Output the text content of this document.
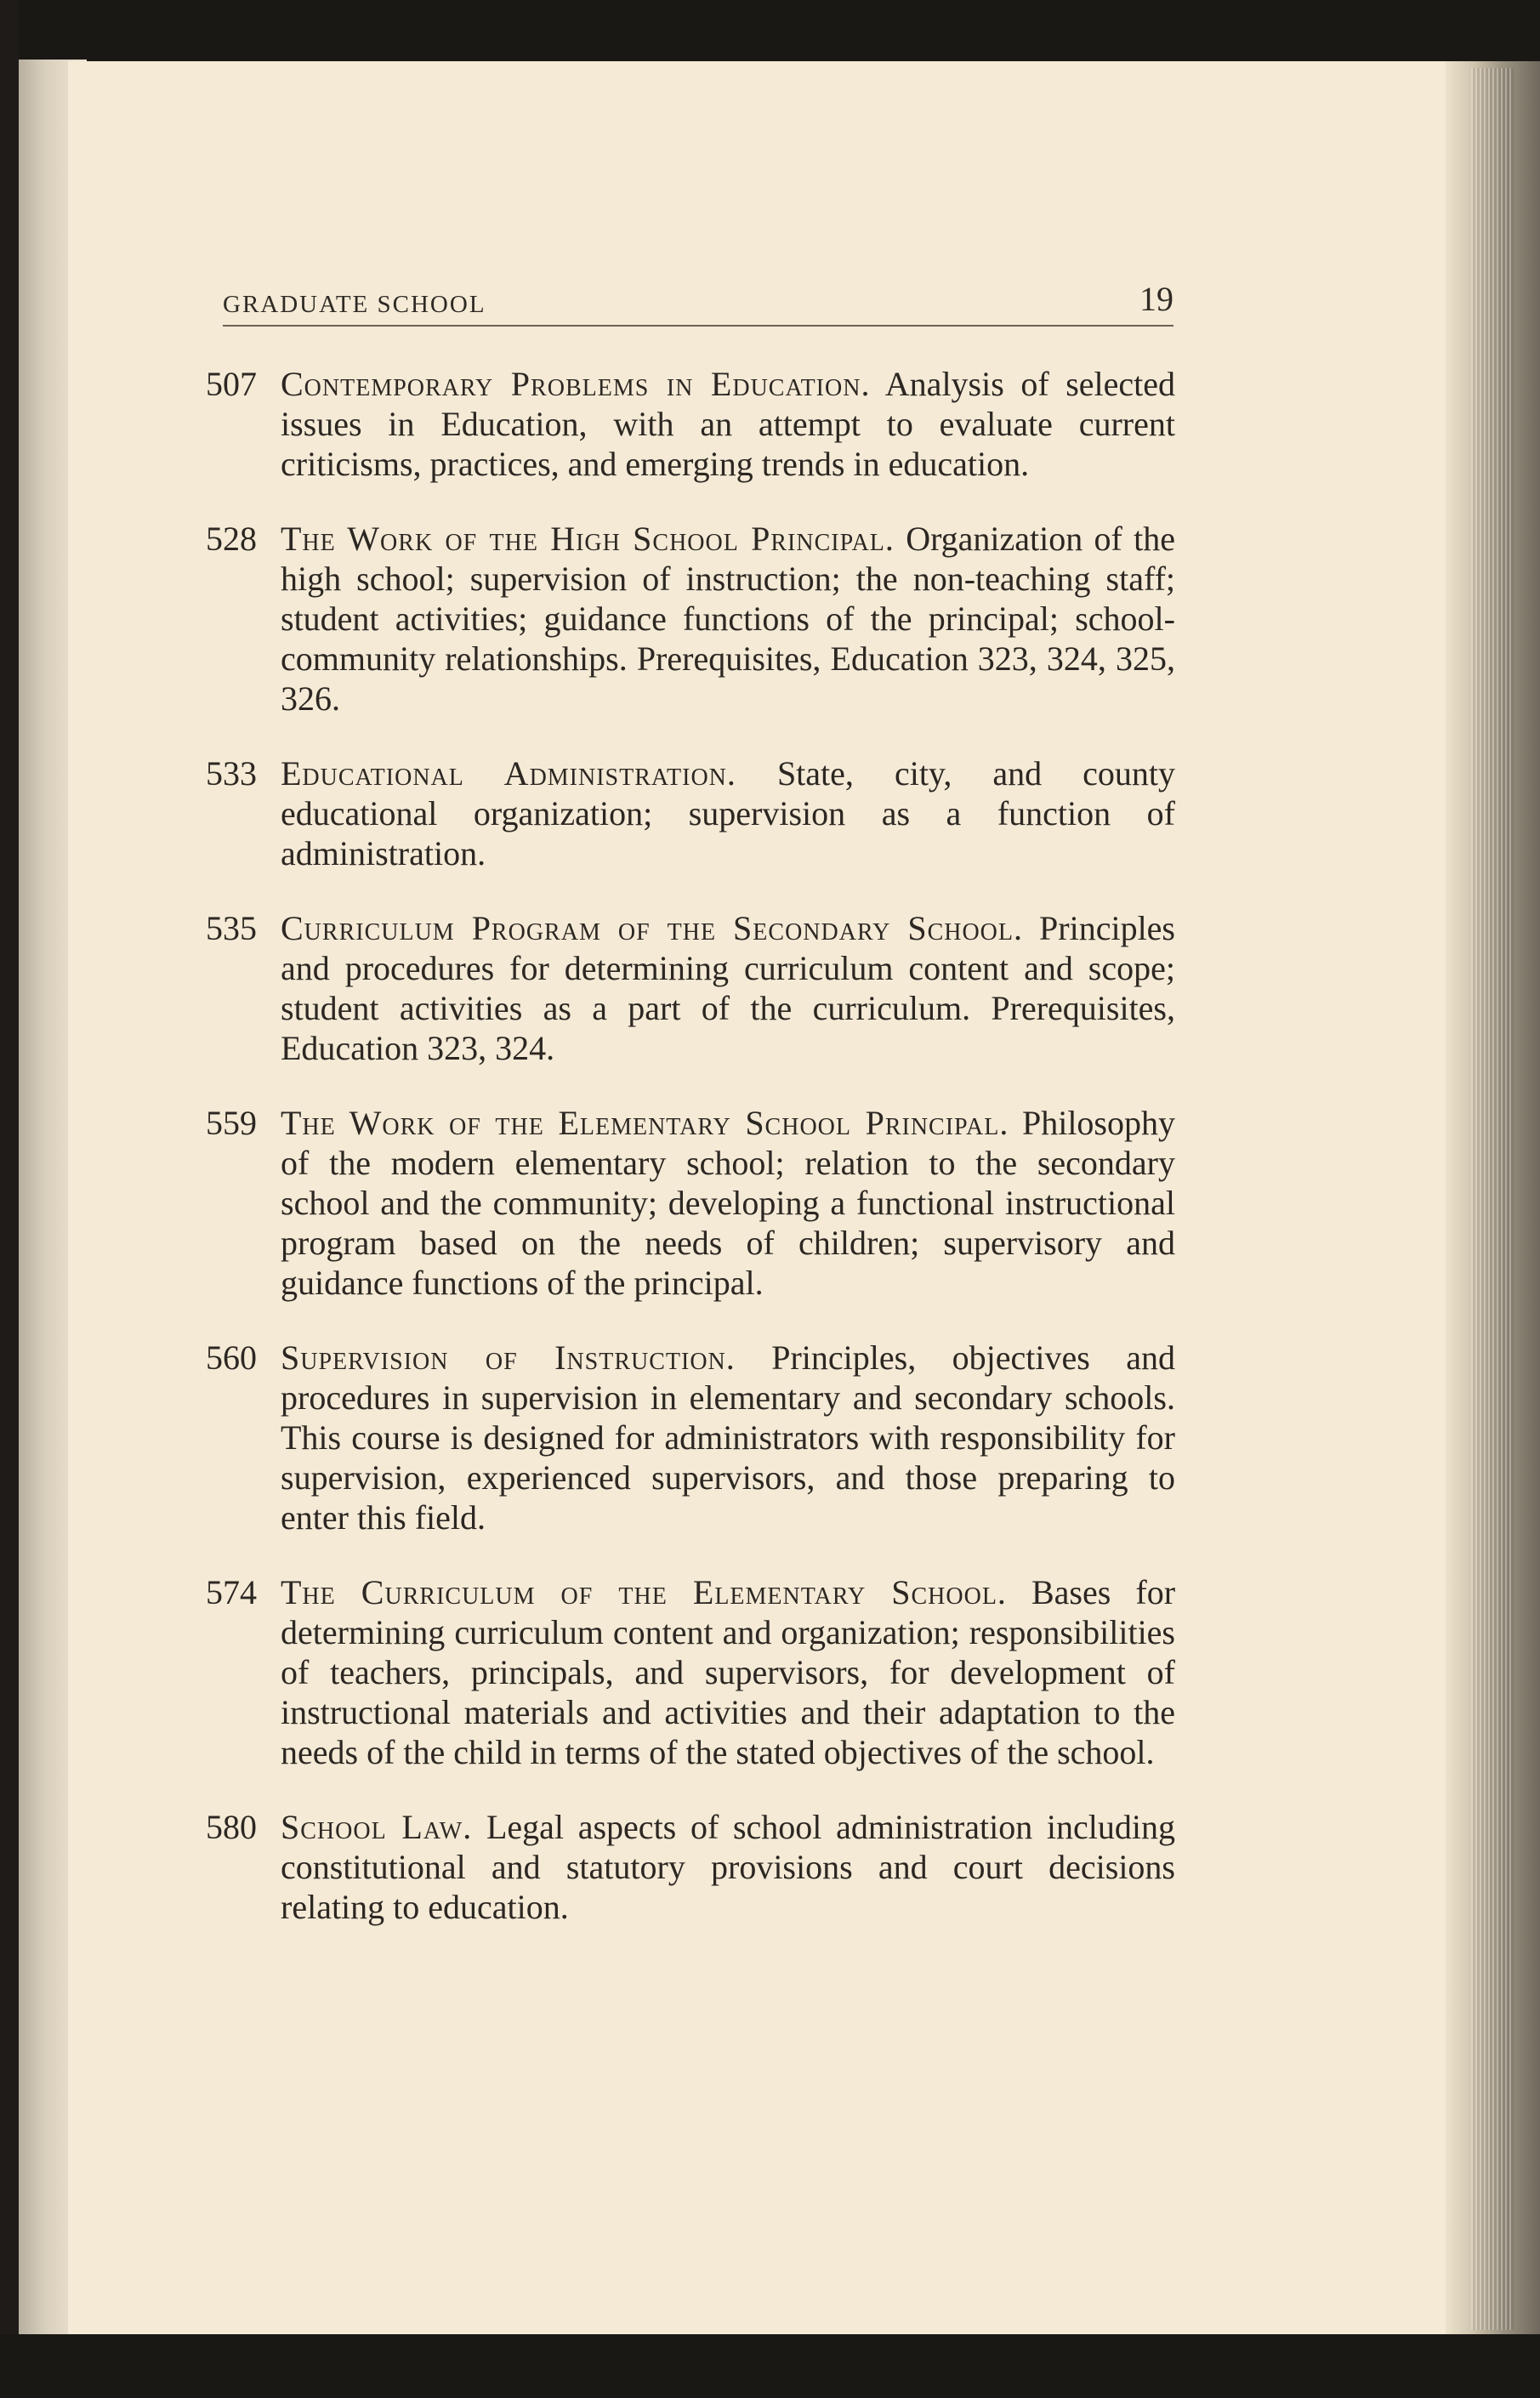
GRADUATE SCHOOL	19
507 Contemporary Problems in Education. Analysis of selected issues in Education, with an attempt to evaluate current criticisms, practices, and emerging trends in education.
528 The Work of the High School Principal. Organization of the high school; supervision of instruction; the non-teaching staff; student activities; guidance functions of the principal; school-community relationships. Prerequisites, Education 323, 324, 325, 326.
533 Educational Administration. State, city, and county educational organization; supervision as a function of administration.
535 Curriculum Program of the Secondary School. Principles and procedures for determining curriculum content and scope; student activities as a part of the curriculum. Prerequisites, Education 323, 324.
559 The Work of the Elementary School Principal. Philosophy of the modern elementary school; relation to the secondary school and the community; developing a functional instructional program based on the needs of children; supervisory and guidance functions of the principal.
560 Supervision of Instruction. Principles, objectives and procedures in supervision in elementary and secondary schools. This course is designed for administrators with responsibility for supervision, experienced supervisors, and those preparing to enter this field.
574 The Curriculum of the Elementary School. Bases for determining curriculum content and organization; responsibilities of teachers, principals, and supervisors, for development of instructional materials and activities and their adaptation to the needs of the child in terms of the stated objectives of the school.
580 School Law. Legal aspects of school administration including constitutional and statutory provisions and court decisions relating to education.
